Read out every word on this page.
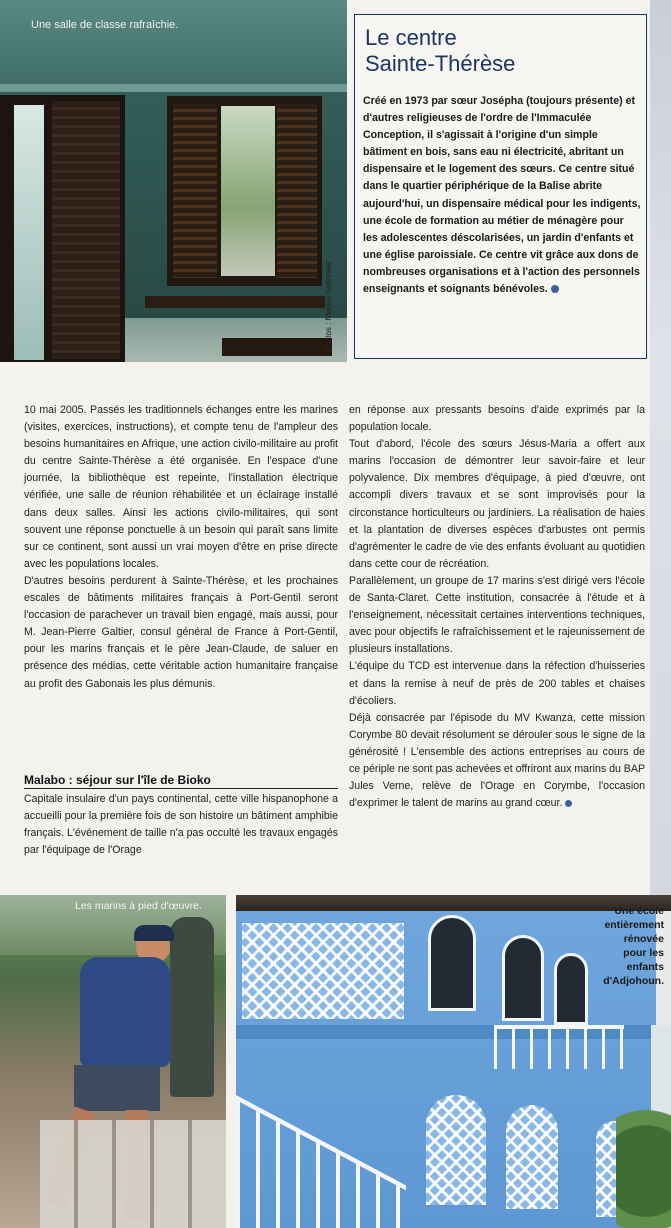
Une salle de classe rafraîchie.
Photos : Marine nationale
Le centre
Sainte-Thérèse
Créé en 1973 par sœur Josépha (toujours présente) et d'autres religieuses de l'ordre de l'Immaculée Conception, il s'agissait à l'origine d'un simple bâtiment en bois, sans eau ni électricité, abritant un dispensaire et le logement des sœurs. Ce centre situé dans le quartier périphérique de la Balise abrite aujourd'hui, un dispensaire médical pour les indigents, une école de formation au métier de ménagère pour les adolescentes déscolarisées, un jardin d'enfants et une église paroissiale. Ce centre vit grâce aux dons de nombreuses organisations et à l'action des personnels enseignants et soignants bénévoles.

10 mai 2005. Passés les traditionnels échanges entre les marines (visites, exercices, instructions), et compte tenu de l'ampleur des besoins humanitaires en Afrique, une action civilo-militaire au profit du centre Sainte-Thérèse a été organisée. En l'espace d'une journée, la bibliothèque est repeinte, l'installation électrique vérifiée, une salle de réunion réhabilitée et un éclairage installé dans deux salles. Ainsi les actions civilo-militaires, qui sont souvent une réponse ponctuelle à un besoin qui paraît sans limite sur ce continent, sont aussi un vrai moyen d'être en prise directe avec les populations locales.

D'autres besoins perdurent à Sainte-Thérèse, et les prochaines escales de bâtiments militaires français à Port-Gentil seront l'occasion de parachever un travail bien engagé, mais aussi, pour M. Jean-Pierre Galtier, consul général de France à Port-Gentil, pour les marins français et le père Jean-Claude, de saluer en présence des médias, cette véritable action humanitaire française au profit des Gabonais les plus démunis.

Malabo : séjour sur l'île de Bioko

Capitale insulaire d'un pays continental, cette ville hispanophone a accueilli pour la première fois de son histoire un bâtiment amphibie français. L'événement de taille n'a pas occulté les travaux engagés par l'équipage de l'Orage

en réponse aux pressants besoins d'aide exprimés par la population locale.

Tout d'abord, l'école des sœurs Jésus-Maria a offert aux marins l'occasion de démontrer leur savoir-faire et leur polyvalence. Dix membres d'équipage, à pied d'œuvre, ont accompli divers travaux et se sont improvisés pour la circonstance horticulteurs ou jardiniers. La réalisation de haies et la plantation de diverses espèces d'arbustes ont permis d'agrémenter le cadre de vie des enfants évoluant au quotidien dans cette cour de récréation.

Parallèlement, un groupe de 17 marins s'est dirigé vers l'école de Santa-Claret. Cette institution, consacrée à l'étude et à l'enseignement, nécessitait certaines interventions techniques, avec pour objectifs le rafraîchissement et le rajeunissement de plusieurs installations.

L'équipe du TCD est intervenue dans la réfection d'huisseries et dans la remise à neuf de près de 200 tables et chaises d'écoliers.

Déjà consacrée par l'épisode du MV Kwanza, cette mission Corymbe 80 devait résolument se dérouler sous le signe de la générosité ! L'ensemble des actions entreprises au cours de ce périple ne sont pas achevées et offriront aux marins du BAP Jules Verne, relève de l'Orage en Corymbe, l'occasion d'exprimer le talent de marins au grand cœur.

Les marins à pied d'œuvre.	Une école entièrement rénovée pour les enfants d'Adjohoun.
